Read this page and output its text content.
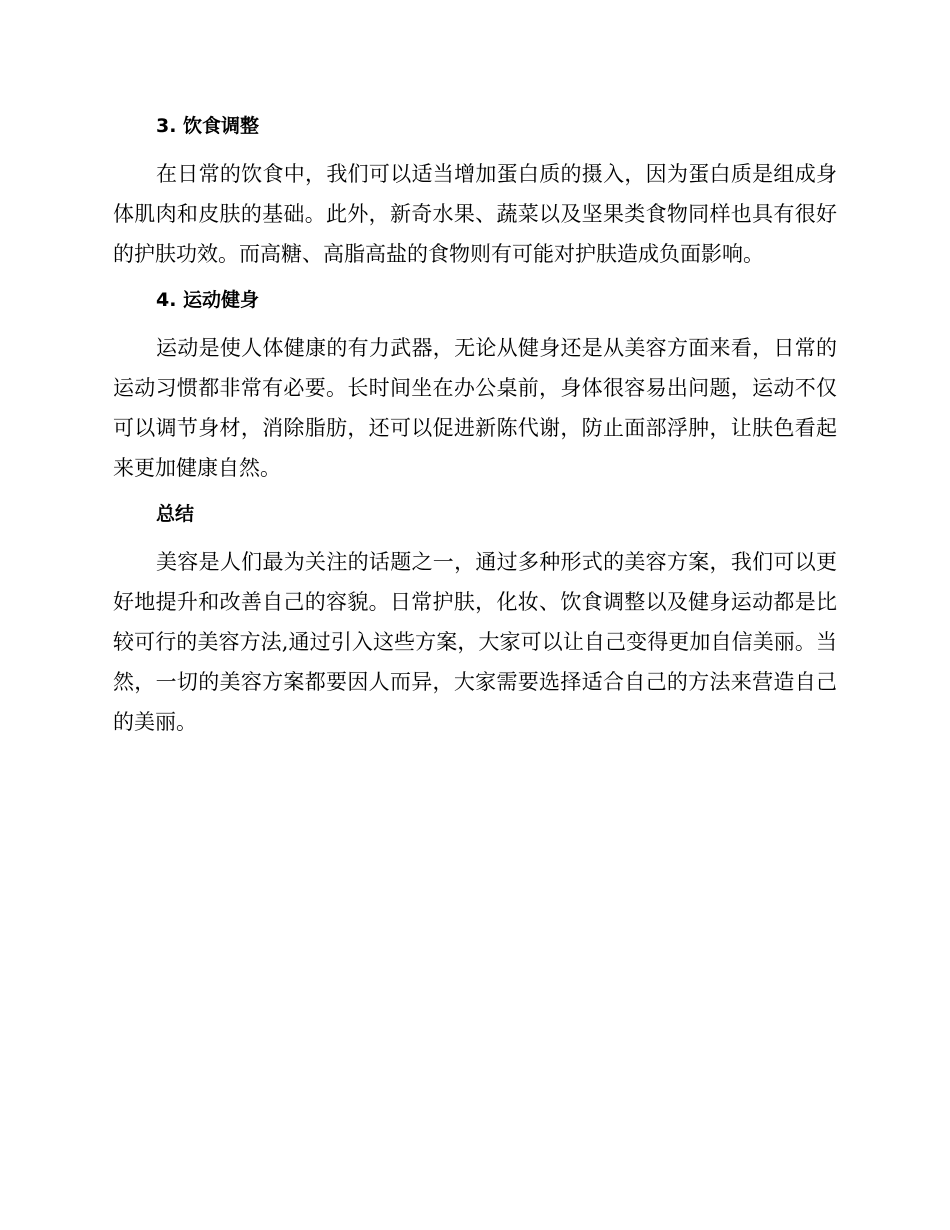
3. 饮食调整

在日常的饮食中，我们可以适当增加蛋白质的摄入，因为蛋白质是组成身体肌肉和皮肤的基础。此外，新奇水果、蔬菜以及坚果类食物同样也具有很好的护肤功效。而高糖、高脂高盐的食物则有可能对护肤造成负面影响。

4. 运动健身

运动是使人体健康的有力武器，无论从健身还是从美容方面来看，日常的运动习惯都非常有必要。长时间坐在办公桌前，身体很容易出问题，运动不仅可以调节身材，消除脂肪，还可以促进新陈代谢，防止面部浮肿，让肤色看起来更加健康自然。

总结

美容是人们最为关注的话题之一，通过多种形式的美容方案，我们可以更好地提升和改善自己的容貌。日常护肤，化妆、饮食调整以及健身运动都是比较可行的美容方法,通过引入这些方案，大家可以让自己变得更加自信美丽。当然，一切的美容方案都要因人而异，大家需要选择适合自己的方法来营造自己的美丽。
